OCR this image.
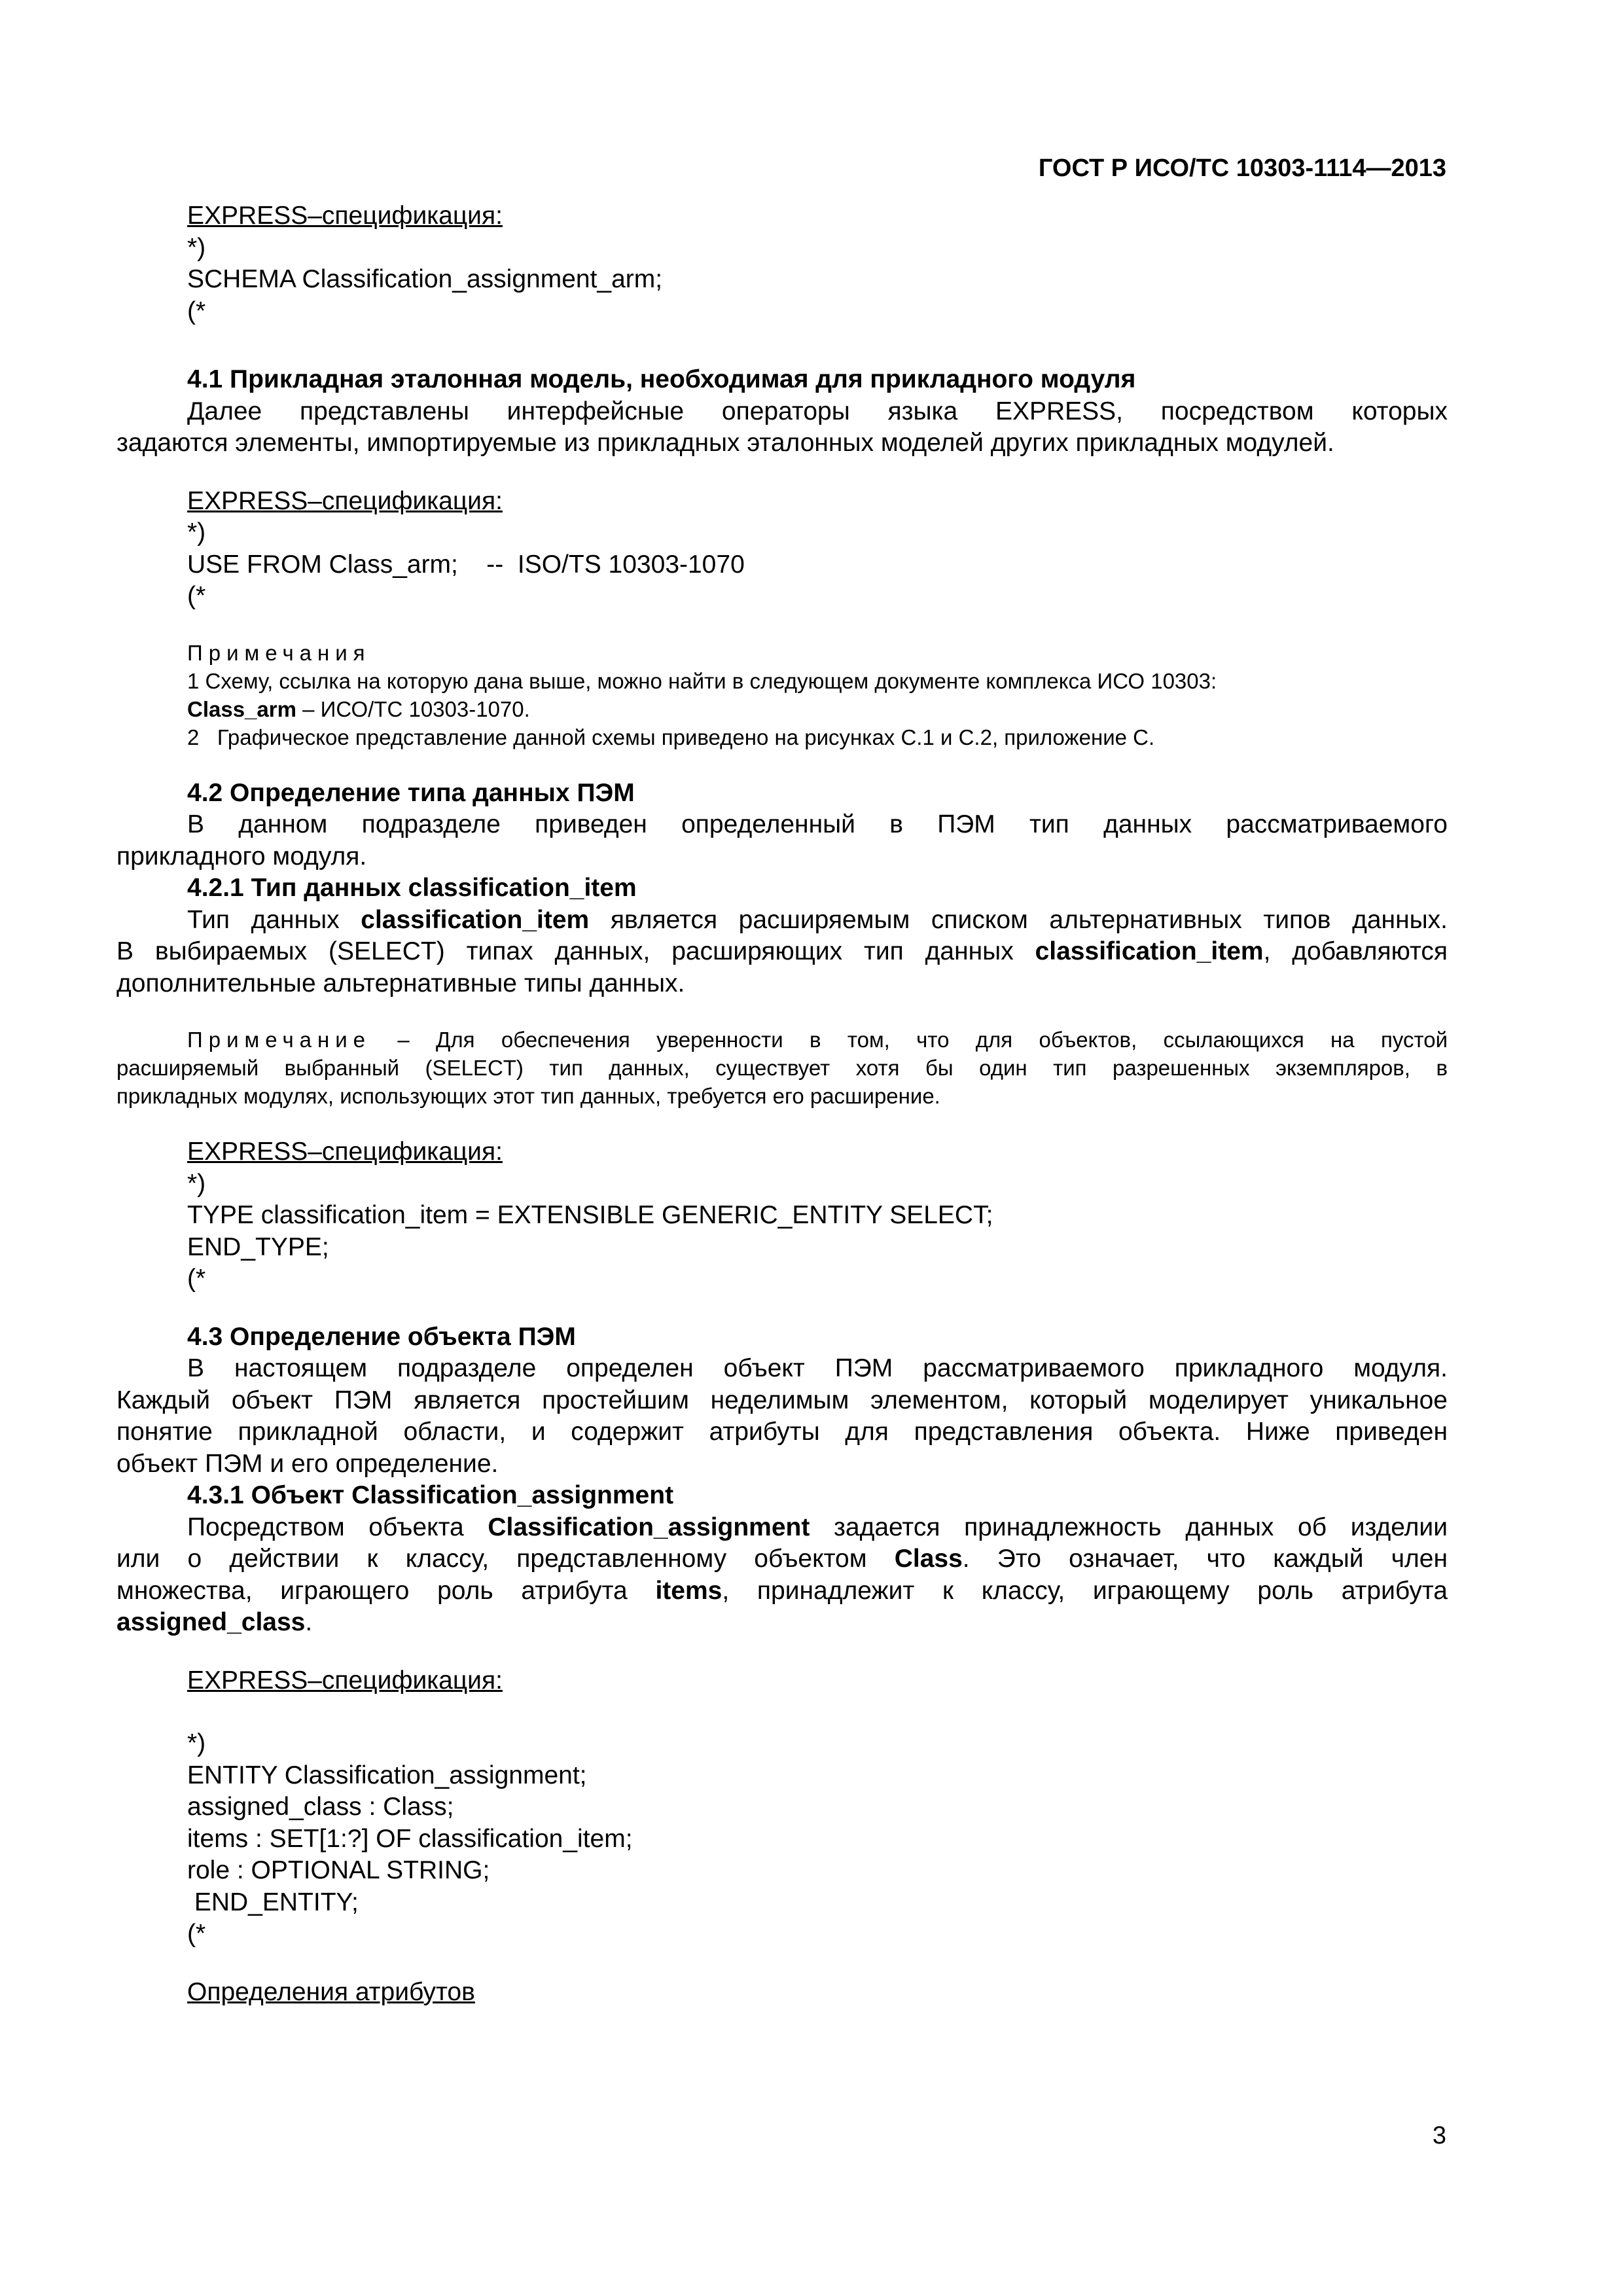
ГОСТ Р ИСО/ТС 10303-1114—2013

EXPRESS–спецификация:

*)

SCHEMA Classification_assignment_arm;

(*

4.1 Прикладная эталонная модель, необходимая для прикладного модуля

Далее представлены интерфейсные операторы языка EXPRESS, посредством которых

задаются элементы, импортируемые из прикладных эталонных моделей других прикладных модулей.

EXPRESS–спецификация:

*)

USE FROM Class_arm;    --  ISO/TS 10303-1070

(*

Примечания

1 Схему, ссылка на которую дана выше, можно найти в следующем документе комплекса ИСО 10303:

Class_arm – ИСО/ТС 10303-1070.

2   Графическое представление данной схемы приведено на рисунках С.1 и С.2, приложение С.

4.2 Определение типа данных ПЭМ

В данном подразделе приведен определенный в ПЭМ тип данных рассматриваемого

прикладного модуля.

4.2.1 Тип данных classification_item

Тип данных classification_item является расширяемым списком альтернативных типов данных.

В выбираемых (SELECT) типах данных, расширяющих тип данных classification_item, добавляются

дополнительные альтернативные типы данных.

Примечание – Для обеспечения уверенности в том, что для объектов, ссылающихся на пустой

расширяемый выбранный (SELECT) тип данных, существует хотя бы один тип разрешенных экземпляров, в

прикладных модулях, использующих этот тип данных, требуется его расширение.

EXPRESS–спецификация:

*)

TYPE classification_item = EXTENSIBLE GENERIC_ENTITY SELECT;

END_TYPE;

(*

4.3 Определение объекта ПЭМ

В настоящем подразделе определен объект ПЭМ рассматриваемого прикладного модуля.

Каждый объект ПЭМ является простейшим неделимым элементом, который моделирует уникальное

понятие прикладной области, и содержит атрибуты для представления объекта. Ниже приведен

объект ПЭМ и его определение.

4.3.1 Объект Classification_assignment

Посредством объекта Classification_assignment задается принадлежность данных об изделии

или о действии к классу, представленному объектом Class. Это означает, что каждый член

множества, играющего роль атрибута items, принадлежит к классу, играющему роль атрибута

assigned_class.

EXPRESS–спецификация:

*)

ENTITY Classification_assignment;

assigned_class : Class;

items : SET[1:?] OF classification_item;

role : OPTIONAL STRING;

END_ENTITY;

(*

Определения атрибутов

3
